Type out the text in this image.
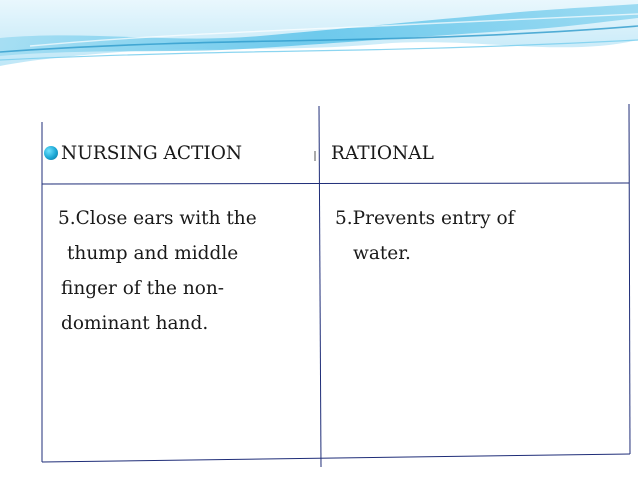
NURSING ACTION	RATIONAL
5.Close ears with the
thump and middle
finger of the non-
dominant hand.
5.Prevents entry of
water.
